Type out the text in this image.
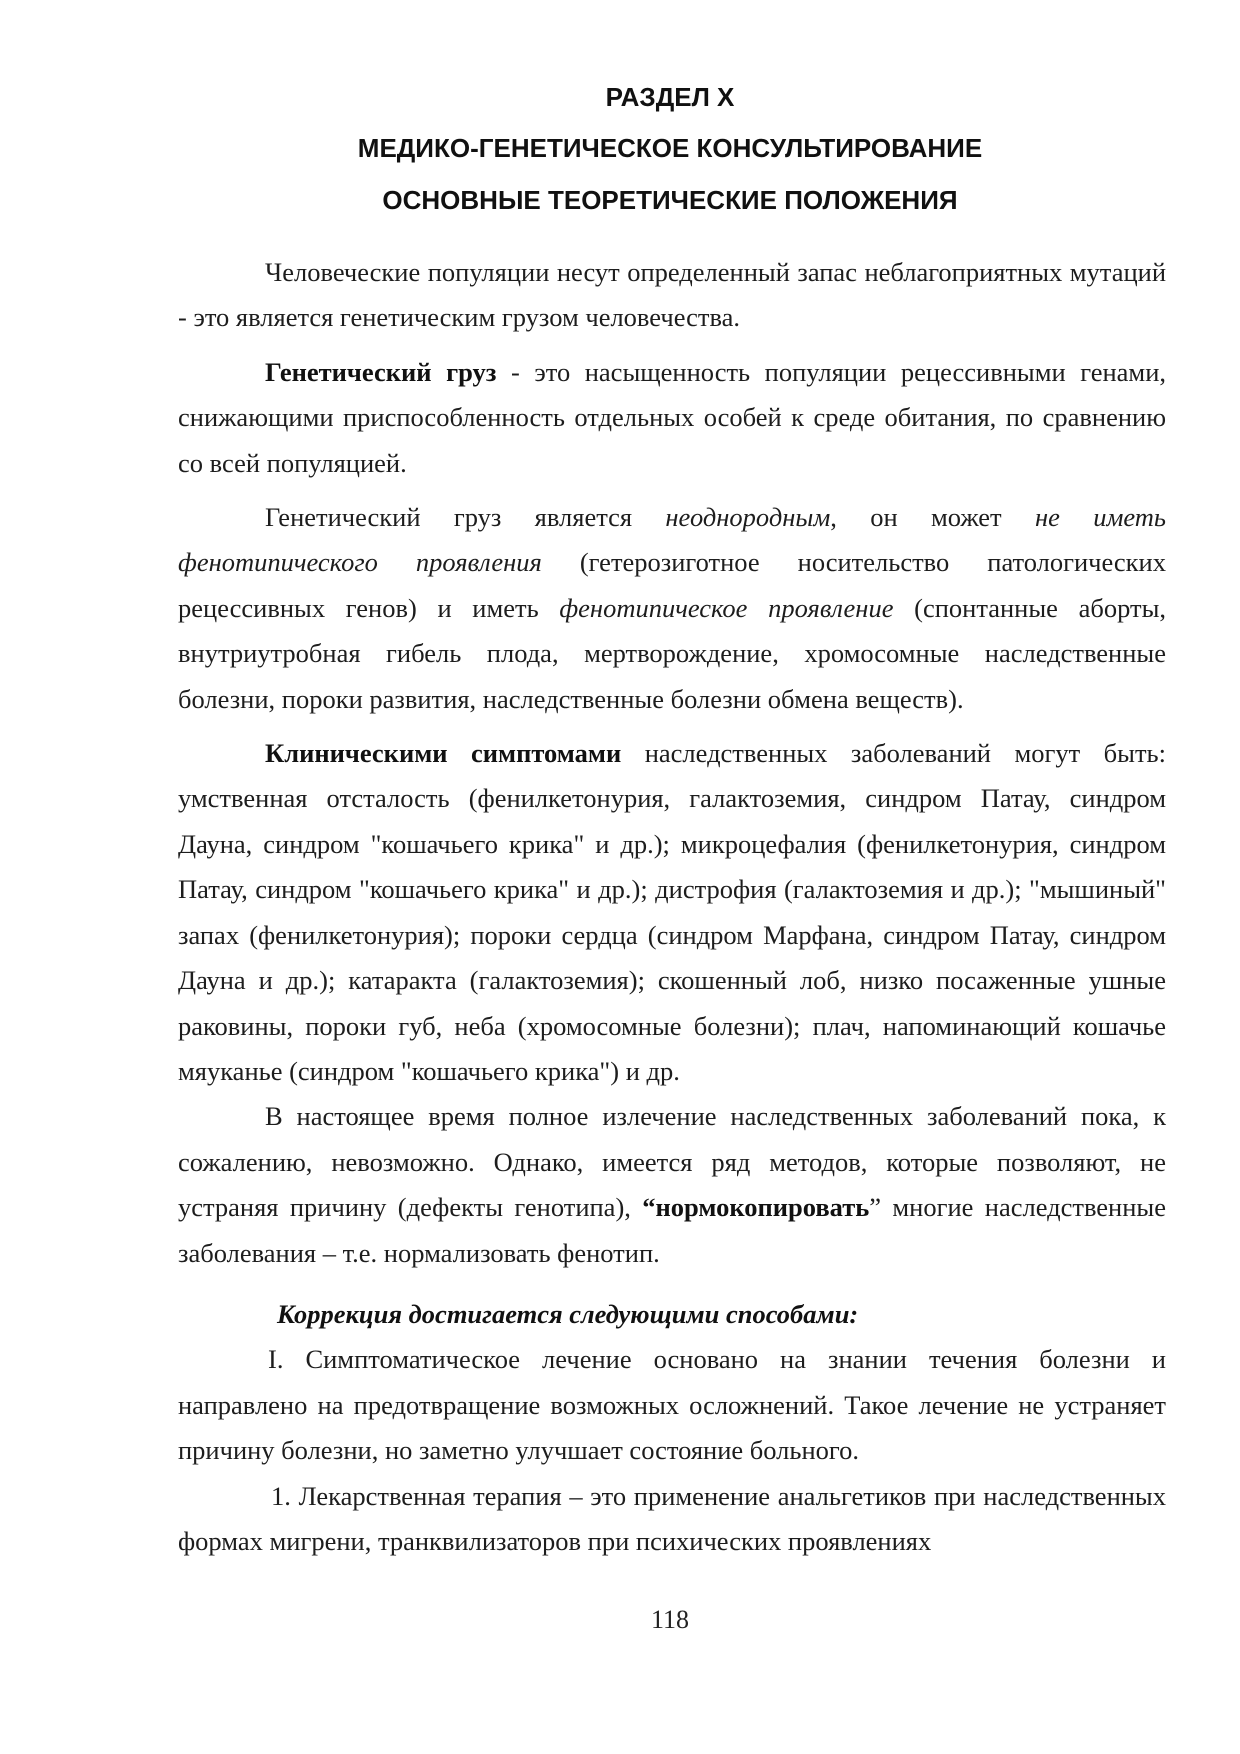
РАЗДЕЛ Х
МЕДИКО-ГЕНЕТИЧЕСКОЕ КОНСУЛЬТИРОВАНИЕ
ОСНОВНЫЕ ТЕОРЕТИЧЕСКИЕ ПОЛОЖЕНИЯ

Человеческие популяции несут определенный запас неблагоприятных мутаций - это является генетическим грузом человечества.

Генетический груз - это насыщенность популяции рецессивными генами, снижающими приспособленность отдельных особей к среде обитания, по сравнению со всей популяцией.

Генетический груз является неоднородным, он может не иметь фенотипического проявления (гетерозиготное носительство патологических рецессивных генов) и иметь фенотипическое проявление (спонтанные аборты, внутриутробная гибель плода, мертворождение, хромосомные наследственные болезни, пороки развития, наследственные болезни обмена веществ).

Клиническими симптомами наследственных заболеваний могут быть: умственная отсталость (фенилкетонурия, галактоземия, синдром Патау, синдром Дауна, синдром "кошачьего крика" и др.); микроцефалия (фенилкетонурия, синдром Патау, синдром "кошачьего крика" и др.); дистрофия (галактоземия и др.); "мышиный" запах (фенилкетонурия); пороки сердца (синдром Марфана, синдром Патау, синдром Дауна и др.); катаракта (галактоземия); скошенный лоб, низко посаженные ушные раковины, пороки губ, неба (хромосомные болезни); плач, напоминающий кошачье мяуканье (синдром "кошачьего крика") и др.

В настоящее время полное излечение наследственных заболеваний пока, к сожалению, невозможно. Однако, имеется ряд методов, которые позволяют, не устраняя причину (дефекты генотипа), “нормокопировать” многие наследственные заболевания – т.е. нормализовать фенотип.

Коррекция достигается следующими способами:

I. Симптоматическое лечение основано на знании течения болезни и направлено на предотвращение возможных осложнений. Такое лечение не устраняет причину болезни, но заметно улучшает состояние больного.

1. Лекарственная терапия – это применение анальгетиков при наследственных формах мигрени, транквилизаторов при психических проявлениях

118
